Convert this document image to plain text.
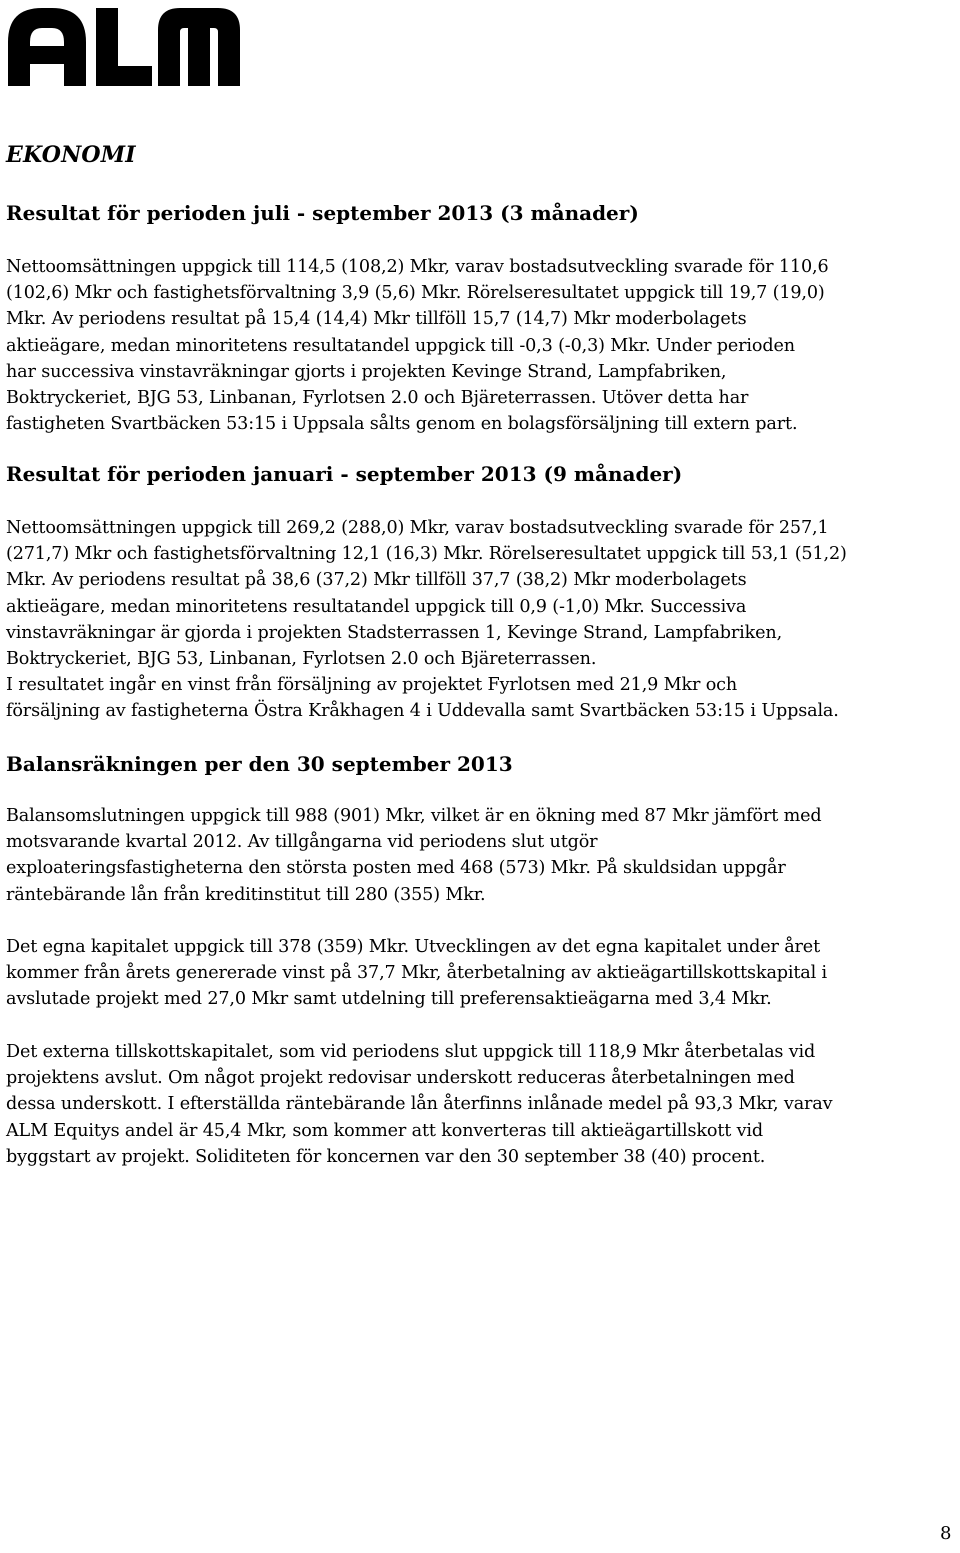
EKONOMI
Resultat för perioden juli - september 2013 (3 månader)
Nettoomsättningen uppgick till 114,5 (108,2) Mkr, varav bostadsutveckling svarade för 110,6
(102,6) Mkr och fastighetsförvaltning 3,9 (5,6) Mkr. Rörelseresultatet uppgick till 19,7 (19,0)
Mkr. Av periodens resultat på 15,4 (14,4) Mkr tillföll 15,7 (14,7) Mkr moderbolagets
aktieägare, medan minoritetens resultatandel uppgick till -0,3 (-0,3) Mkr. Under perioden
har successiva vinstavräkningar gjorts i projekten Kevinge Strand, Lampfabriken,
Boktryckeriet, BJG 53, Linbanan, Fyrlotsen 2.0 och Bjäreterrassen. Utöver detta har
fastigheten Svartbäcken 53:15 i Uppsala sålts genom en bolagsförsäljning till extern part.
Resultat för perioden januari - september 2013 (9 månader)
Nettoomsättningen uppgick till 269,2 (288,0) Mkr, varav bostadsutveckling svarade för 257,1
(271,7) Mkr och fastighetsförvaltning 12,1 (16,3) Mkr. Rörelseresultatet uppgick till 53,1 (51,2)
Mkr. Av periodens resultat på 38,6 (37,2) Mkr tillföll 37,7 (38,2) Mkr moderbolagets
aktieägare, medan minoritetens resultatandel uppgick till 0,9 (-1,0) Mkr. Successiva
vinstavräkningar är gjorda i projekten Stadsterrassen 1, Kevinge Strand, Lampfabriken,
Boktryckeriet, BJG 53, Linbanan, Fyrlotsen 2.0 och Bjäreterrassen.
I resultatet ingår en vinst från försäljning av projektet Fyrlotsen med 21,9 Mkr och
försäljning av fastigheterna Östra Kråkhagen 4 i Uddevalla samt Svartbäcken 53:15 i Uppsala.
Balansräkningen per den 30 september 2013
Balansomslutningen uppgick till 988 (901) Mkr, vilket är en ökning med 87 Mkr jämfört med
motsvarande kvartal 2012. Av tillgångarna vid periodens slut utgör
exploateringsfastigheterna den största posten med 468 (573) Mkr. På skuldsidan uppgår
räntebärande lån från kreditinstitut till 280 (355) Mkr.
Det egna kapitalet uppgick till 378 (359) Mkr. Utvecklingen av det egna kapitalet under året
kommer från årets genererade vinst på 37,7 Mkr, återbetalning av aktieägartillskottskapital i
avslutade projekt med 27,0 Mkr samt utdelning till preferensaktieägarna med 3,4 Mkr.
Det externa tillskottskapitalet, som vid periodens slut uppgick till 118,9 Mkr återbetalas vid
projektens avslut. Om något projekt redovisar underskott reduceras återbetalningen med
dessa underskott. I efterställda räntebärande lån återfinns inlånade medel på 93,3 Mkr, varav
ALM Equitys andel är 45,4 Mkr, som kommer att konverteras till aktieägartillskott vid
byggstart av projekt. Soliditeten för koncernen var den 30 september 38 (40) procent.
8
